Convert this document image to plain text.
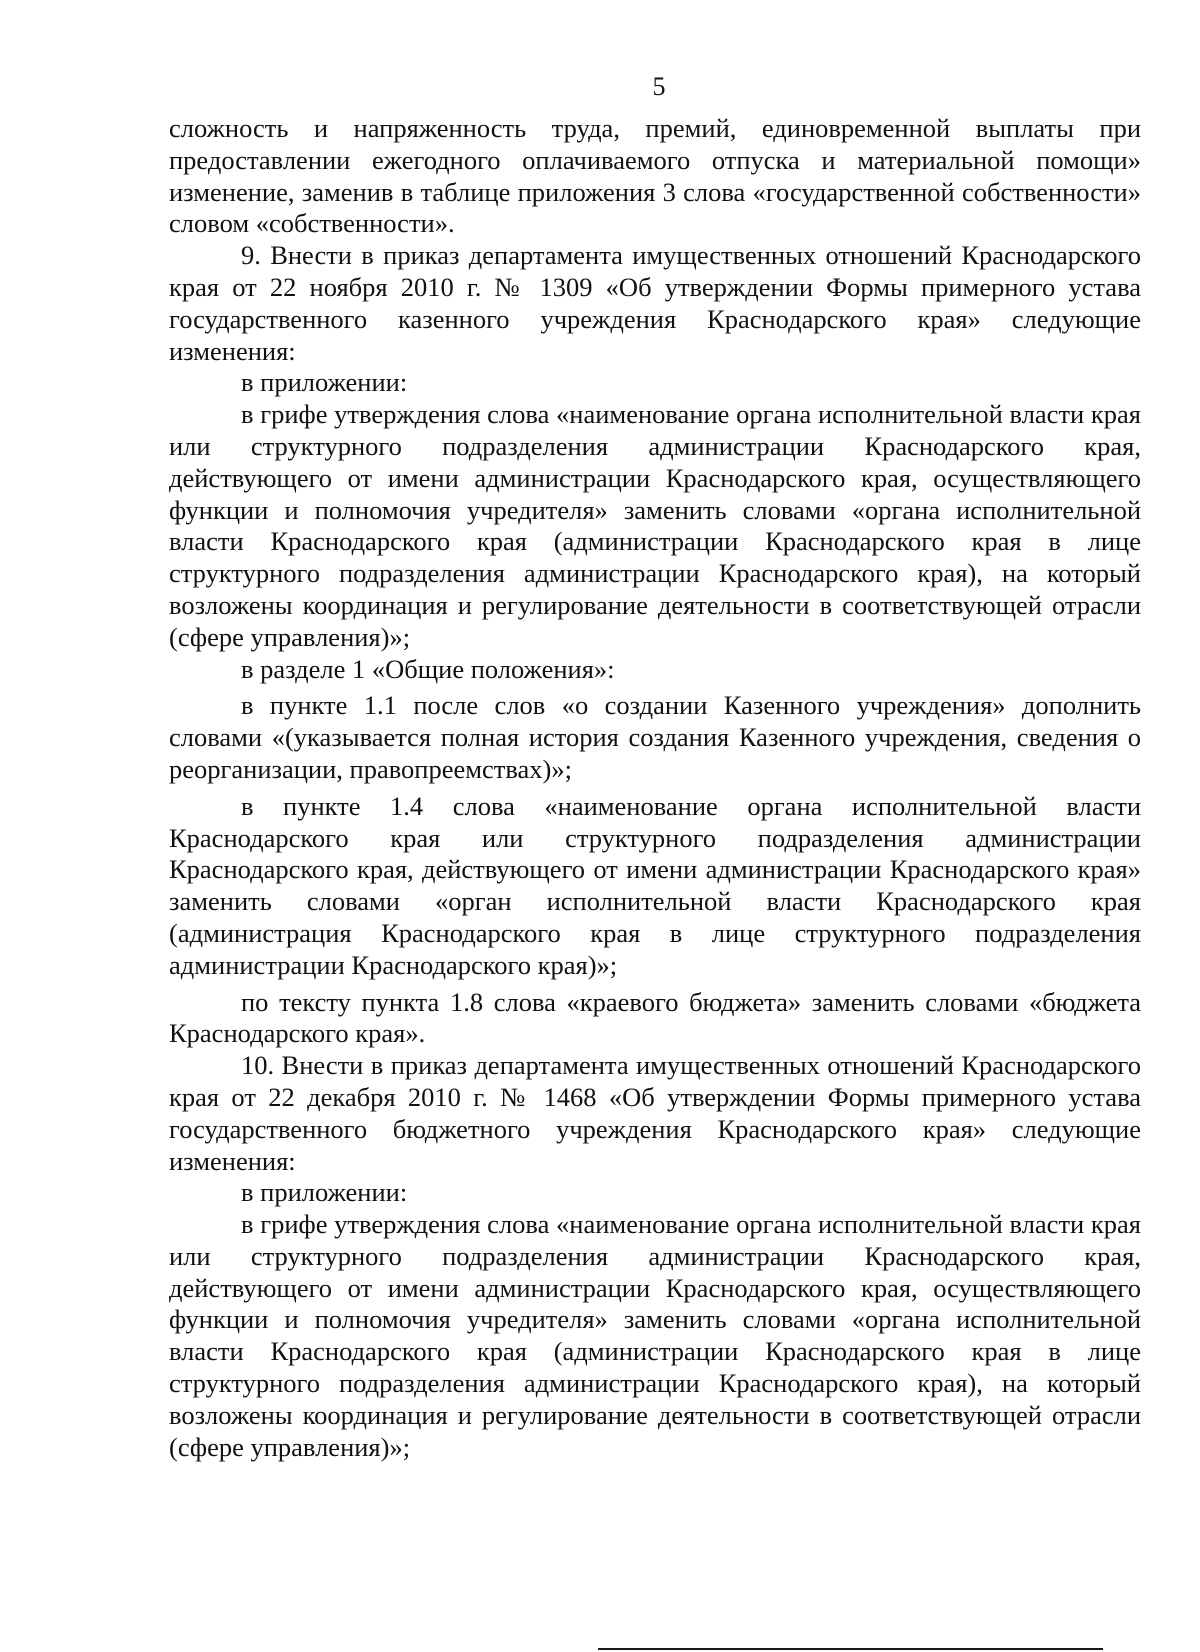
5

сложность и напряженность труда, премий, единовременной выплаты при предоставлении ежегодного оплачиваемого отпуска и материальной помощи» изменение, заменив в таблице приложения 3 слова «государственной собственности» словом «собственности».

9. Внести в приказ департамента имущественных отношений Краснодарского края от 22 ноября 2010 г. № 1309 «Об утверждении Формы примерного устава государственного казенного учреждения Краснодарского края» следующие изменения:

в приложении:

в грифе утверждения слова «наименование органа исполнительной власти края или структурного подразделения администрации Краснодарского края, действующего от имени администрации Краснодарского края, осуществляющего функции и полномочия учредителя» заменить словами «органа исполнительной власти Краснодарского края (администрации Краснодарского края в лице структурного подразделения администрации Краснодарского края), на который возложены координация и регулирование деятельности в соответствующей отрасли (сфере управления)»;

в разделе 1 «Общие положения»:

в пункте 1.1 после слов «о создании Казенного учреждения» дополнить словами «(указывается полная история создания Казенного учреждения, сведения о реорганизации, правопреемствах)»;

в пункте 1.4 слова «наименование органа исполнительной власти Краснодарского края или структурного подразделения администрации Краснодарского края, действующего от имени администрации Краснодарского края» заменить словами «орган исполнительной власти Краснодарского края (администрация Краснодарского края в лице структурного подразделения администрации Краснодарского края)»;

по тексту пункта 1.8 слова «краевого бюджета» заменить словами «бюджета Краснодарского края».

10. Внести в приказ департамента имущественных отношений Краснодарского края от 22 декабря 2010 г. № 1468 «Об утверждении Формы примерного устава государственного бюджетного учреждения Краснодарского края» следующие изменения:

в приложении:

в грифе утверждения слова «наименование органа исполнительной власти края или структурного подразделения администрации Краснодарского края, действующего от имени администрации Краснодарского края, осуществляющего функции и полномочия учредителя» заменить словами «органа исполнительной власти Краснодарского края (администрации Краснодарского края в лице структурного подразделения администрации Краснодарского края), на который возложены координация и регулирование деятельности в соответствующей отрасли (сфере управления)»;
